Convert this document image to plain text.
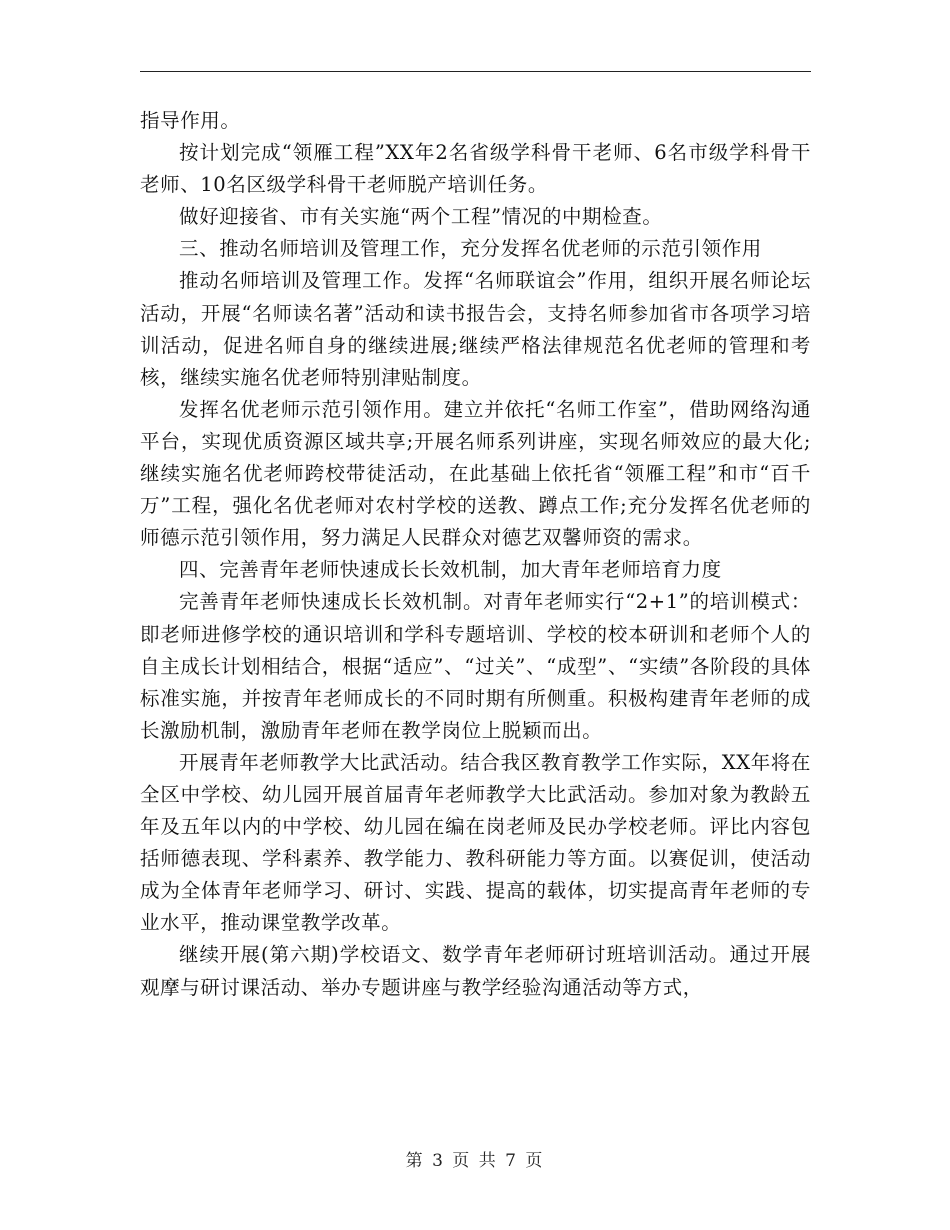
指导作用。

按计划完成“领雁工程”XX年2名省级学科骨干老师、6名市级学科骨干老师、10名区级学科骨干老师脱产培训任务。

做好迎接省、市有关实施“两个工程”情况的中期检查。

三、推动名师培训及管理工作，充分发挥名优老师的示范引领作用

推动名师培训及管理工作。发挥“名师联谊会”作用，组织开展名师论坛活动，开展“名师读名著”活动和读书报告会，支持名师参加省市各项学习培训活动，促进名师自身的继续进展;继续严格法律规范名优老师的管理和考核，继续实施名优老师特别津贴制度。

发挥名优老师示范引领作用。建立并依托“名师工作室”，借助网络沟通平台，实现优质资源区域共享;开展名师系列讲座，实现名师效应的最大化;继续实施名优老师跨校带徒活动，在此基础上依托省“领雁工程”和市“百千万”工程，强化名优老师对农村学校的送教、蹲点工作;充分发挥名优老师的师德示范引领作用，努力满足人民群众对德艺双馨师资的需求。

四、完善青年老师快速成长长效机制，加大青年老师培育力度

完善青年老师快速成长长效机制。对青年老师实行“2+1”的培训模式：即老师进修学校的通识培训和学科专题培训、学校的校本研训和老师个人的自主成长计划相结合，根据“适应”、“过关”、“成型”、“实绩”各阶段的具体标准实施，并按青年老师成长的不同时期有所侧重。积极构建青年老师的成长激励机制，激励青年老师在教学岗位上脱颖而出。

开展青年老师教学大比武活动。结合我区教育教学工作实际，XX年将在全区中学校、幼儿园开展首届青年老师教学大比武活动。参加对象为教龄五年及五年以内的中学校、幼儿园在编在岗老师及民办学校老师。评比内容包括师德表现、学科素养、教学能力、教科研能力等方面。以赛促训，使活动成为全体青年老师学习、研讨、实践、提高的载体，切实提高青年老师的专业水平，推动课堂教学改革。

继续开展(第六期)学校语文、数学青年老师研讨班培训活动。通过开展观摩与研讨课活动、举办专题讲座与教学经验沟通活动等方式，

第 3 页 共 7 页
